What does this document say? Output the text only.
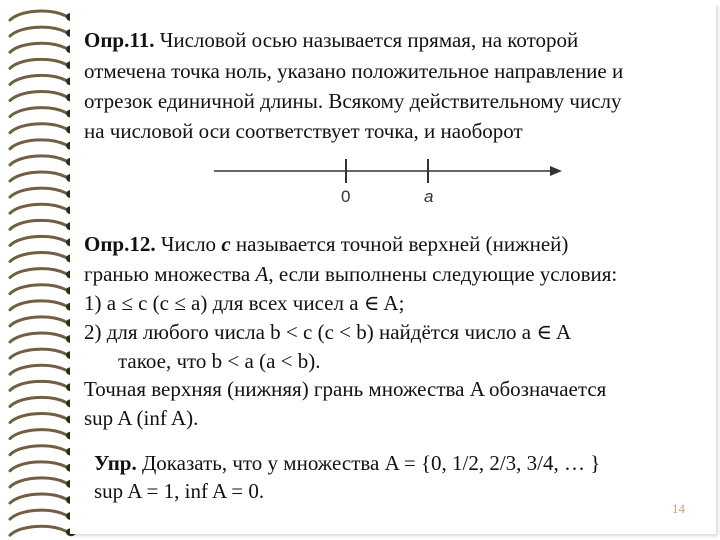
Опр.11. Числовой осью называется прямая, на которой
отмечена точка ноль, указано положительное направление и
отрезок единичной длины. Всякому действительному числу
на числовой оси соответствует точка, и наоборот
0	a
Опр.12. Число c называется точной верхней (нижней)
гранью множества A, если выполнены следующие условия:
1) a ≤ c (c ≤ a) для всех чисел a ∈ A;
2) для любого числа b < c (c < b) найдётся число a ∈ A
такое, что b < a (a < b).
Точная верхняя (нижняя) грань множества A обозначается
sup A (inf A).
Упр. Доказать, что у множества A = {0, 1/2, 2/3, 3/4, … }
sup A = 1, inf A = 0.
14
